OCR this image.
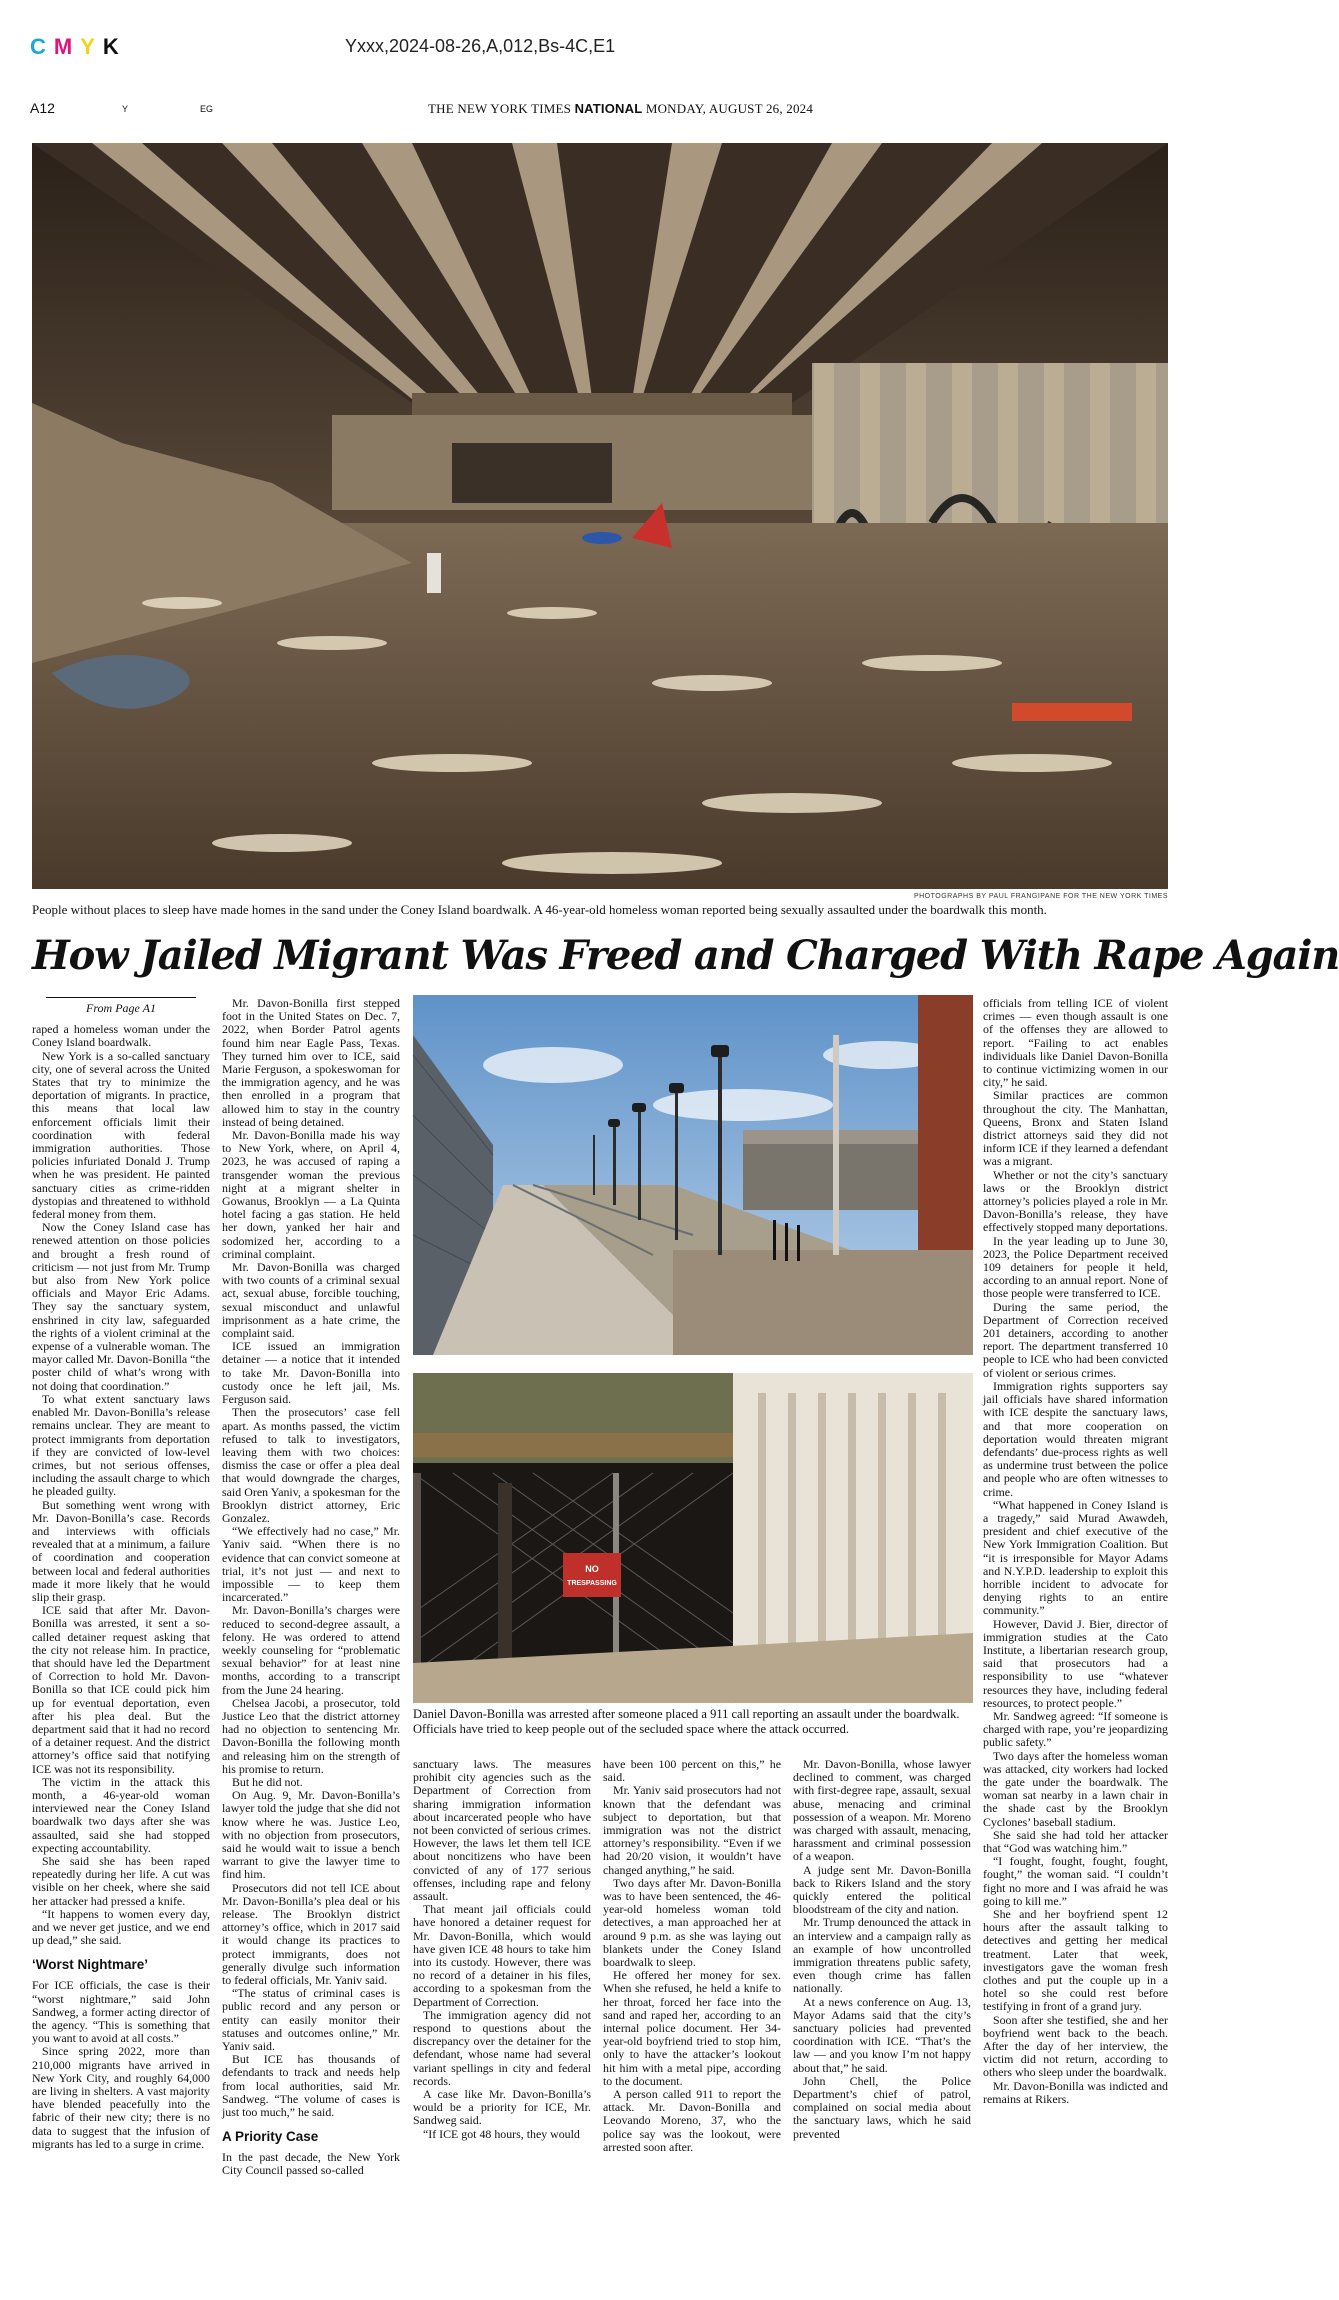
CMYK	Yxxx,2024-08-26,A,012,Bs-4C,E1
A12	Y	EG	THE NEW YORK TIMES NATIONAL MONDAY, AUGUST 26, 2024
PHOTOGRAPHS BY PAUL FRANGIPANE FOR THE NEW YORK TIMES
People without places to sleep have made homes in the sand under the Coney Island boardwalk. A 46-year-old homeless woman reported being sexually assaulted under the boardwalk this month.
How Jailed Migrant Was Freed and Charged With Rape Again
From Page A1

raped a homeless woman under the Coney Island boardwalk.

New York is a so-called sanctuary city, one of several across the United States that try to minimize the deportation of migrants. In practice, this means that local law enforcement officials limit their coordination with federal immigration authorities. Those policies infuriated Donald J. Trump when he was president. He painted sanctuary cities as crime-ridden dystopias and threatened to withhold federal money from them.

Now the Coney Island case has renewed attention on those policies and brought a fresh round of criticism — not just from Mr. Trump but also from New York police officials and Mayor Eric Adams. They say the sanctuary system, enshrined in city law, safeguarded the rights of a violent criminal at the expense of a vulnerable woman. The mayor called Mr. Davon-Bonilla “the poster child of what’s wrong with not doing that coordination.”

To what extent sanctuary laws enabled Mr. Davon-Bonilla’s release remains unclear. They are meant to protect immigrants from deportation if they are convicted of low-level crimes, but not serious offenses, including the assault charge to which he pleaded guilty.

But something went wrong with Mr. Davon-Bonilla’s case. Records and interviews with officials revealed that at a minimum, a failure of coordination and cooperation between local and federal authorities made it more likely that he would slip their grasp.

ICE said that after Mr. Davon-Bonilla was arrested, it sent a so-called detainer request asking that the city not release him. In practice, that should have led the Department of Correction to hold Mr. Davon-Bonilla so that ICE could pick him up for eventual deportation, even after his plea deal. But the department said that it had no record of a detainer request. And the district attorney’s office said that notifying ICE was not its responsibility.

The victim in the attack this month, a 46-year-old woman interviewed near the Coney Island boardwalk two days after she was assaulted, said she had stopped expecting accountability.

She said she has been raped repeatedly during her life. A cut was visible on her cheek, where she said her attacker had pressed a knife.

“It happens to women every day, and we never get justice, and we end up dead,” she said.

‘Worst Nightmare’

For ICE officials, the case is their “worst nightmare,” said John Sandweg, a former acting director of the agency. “This is something that you want to avoid at all costs.”

Since spring 2022, more than 210,000 migrants have arrived in New York City, and roughly 64,000 are living in shelters. A vast majority have blended peacefully into the fabric of their new city; there is no data to suggest that the infusion of migrants has led to a surge in crime.

Mr. Davon-Bonilla first stepped foot in the United States on Dec. 7, 2022, when Border Patrol agents found him near Eagle Pass, Texas. They turned him over to ICE, said Marie Ferguson, a spokeswoman for the immigration agency, and he was then enrolled in a program that allowed him to stay in the country instead of being detained.

Mr. Davon-Bonilla made his way to New York, where, on April 4, 2023, he was accused of raping a transgender woman the previous night at a migrant shelter in Gowanus, Brooklyn — a La Quinta hotel facing a gas station. He held her down, yanked her hair and sodomized her, according to a criminal complaint.

Mr. Davon-Bonilla was charged with two counts of a criminal sexual act, sexual abuse, forcible touching, sexual misconduct and unlawful imprisonment as a hate crime, the complaint said.

ICE issued an immigration detainer — a notice that it intended to take Mr. Davon-Bonilla into custody once he left jail, Ms. Ferguson said.

Then the prosecutors’ case fell apart. As months passed, the victim refused to talk to investigators, leaving them with two choices: dismiss the case or offer a plea deal that would downgrade the charges, said Oren Yaniv, a spokesman for the Brooklyn district attorney, Eric Gonzalez.

“We effectively had no case,” Mr. Yaniv said. “When there is no evidence that can convict someone at trial, it’s not just — and next to impossible — to keep them incarcerated.”

Mr. Davon-Bonilla’s charges were reduced to second-degree assault, a felony. He was ordered to attend weekly counseling for “problematic sexual behavior” for at least nine months, according to a transcript from the June 24 hearing.

Chelsea Jacobi, a prosecutor, told Justice Leo that the district attorney had no objection to sentencing Mr. Davon-Bonilla the following month and releasing him on the strength of his promise to return.

But he did not.

On Aug. 9, Mr. Davon-Bonilla’s lawyer told the judge that she did not know where he was. Justice Leo, with no objection from prosecutors, said he would wait to issue a bench warrant to give the lawyer time to find him.

Prosecutors did not tell ICE about Mr. Davon-Bonilla’s plea deal or his release. The Brooklyn district attorney’s office, which in 2017 said it would change its practices to protect immigrants, does not generally divulge such information to federal officials, Mr. Yaniv said.

“The status of criminal cases is public record and any person or entity can easily monitor their statuses and outcomes online,” Mr. Yaniv said.

But ICE has thousands of defendants to track and needs help from local authorities, said Mr. Sandweg. “The volume of cases is just too much,” he said.

A Priority Case

In the past decade, the New York City Council passed so-called

NO
TRESPASSING
Daniel Davon-Bonilla was arrested after someone placed a 911 call reporting an assault under the boardwalk. Officials have tried to keep people out of the secluded space where the attack occurred.

sanctuary laws. The measures prohibit city agencies such as the Department of Correction from sharing immigration information about incarcerated people who have not been convicted of serious crimes. However, the laws let them tell ICE about noncitizens who have been convicted of any of 177 serious offenses, including rape and felony assault.

That meant jail officials could have honored a detainer request for Mr. Davon-Bonilla, which would have given ICE 48 hours to take him into its custody. However, there was no record of a detainer in his files, according to a spokesman from the Department of Correction.

The immigration agency did not respond to questions about the discrepancy over the detainer for the defendant, whose name had several variant spellings in city and federal records.

A case like Mr. Davon-Bonilla’s would be a priority for ICE, Mr. Sandweg said.

“If ICE got 48 hours, they would

have been 100 percent on this,” he said.

Mr. Yaniv said prosecutors had not known that the defendant was subject to deportation, but that immigration was not the district attorney’s responsibility. “Even if we had 20/20 vision, it wouldn’t have changed anything,” he said.

Two days after Mr. Davon-Bonilla was to have been sentenced, the 46-year-old homeless woman told detectives, a man approached her at around 9 p.m. as she was laying out blankets under the Coney Island boardwalk to sleep.

He offered her money for sex. When she refused, he held a knife to her throat, forced her face into the sand and raped her, according to an internal police document. Her 34-year-old boyfriend tried to stop him, only to have the attacker’s lookout hit him with a metal pipe, according to the document.

A person called 911 to report the attack. Mr. Davon-Bonilla and Leovando Moreno, 37, who the police say was the lookout, were arrested soon after.

Mr. Davon-Bonilla, whose lawyer declined to comment, was charged with first-degree rape, assault, sexual abuse, menacing and criminal possession of a weapon. Mr. Moreno was charged with assault, menacing, harassment and criminal possession of a weapon.

A judge sent Mr. Davon-Bonilla back to Rikers Island and the story quickly entered the political bloodstream of the city and nation.

Mr. Trump denounced the attack in an interview and a campaign rally as an example of how uncontrolled immigration threatens public safety, even though crime has fallen nationally.

At a news conference on Aug. 13, Mayor Adams said that the city’s sanctuary policies had prevented coordination with ICE. “That’s the law — and you know I’m not happy about that,” he said.

John Chell, the Police Department’s chief of patrol, complained on social media about the sanctuary laws, which he said prevented

officials from telling ICE of violent crimes — even though assault is one of the offenses they are allowed to report. “Failing to act enables individuals like Daniel Davon-Bonilla to continue victimizing women in our city,” he said.

Similar practices are common throughout the city. The Manhattan, Queens, Bronx and Staten Island district attorneys said they did not inform ICE if they learned a defendant was a migrant.

Whether or not the city’s sanctuary laws or the Brooklyn district attorney’s policies played a role in Mr. Davon-Bonilla’s release, they have effectively stopped many deportations.

In the year leading up to June 30, 2023, the Police Department received 109 detainers for people it held, according to an annual report. None of those people were transferred to ICE.

During the same period, the Department of Correction received 201 detainers, according to another report. The department transferred 10 people to ICE who had been convicted of violent or serious crimes.

Immigration rights supporters say jail officials have shared information with ICE despite the sanctuary laws, and that more cooperation on deportation would threaten migrant defendants’ due-process rights as well as undermine trust between the police and people who are often witnesses to crime.

“What happened in Coney Island is a tragedy,” said Murad Awawdeh, president and chief executive of the New York Immigration Coalition. But “it is irresponsible for Mayor Adams and N.Y.P.D. leadership to exploit this horrible incident to advocate for denying rights to an entire community.”

However, David J. Bier, director of immigration studies at the Cato Institute, a libertarian research group, said that prosecutors had a responsibility to use “whatever resources they have, including federal resources, to protect people.”

Mr. Sandweg agreed: “If someone is charged with rape, you’re jeopardizing public safety.”

Two days after the homeless woman was attacked, city workers had locked the gate under the boardwalk. The woman sat nearby in a lawn chair in the shade cast by the Brooklyn Cyclones’ baseball stadium.

She said she had told her attacker that “God was watching him.”

“I fought, fought, fought, fought, fought,” the woman said. “I couldn’t fight no more and I was afraid he was going to kill me.”

She and her boyfriend spent 12 hours after the assault talking to detectives and getting her medical treatment. Later that week, investigators gave the woman fresh clothes and put the couple up in a hotel so she could rest before testifying in front of a grand jury.

Soon after she testified, she and her boyfriend went back to the beach. After the day of her interview, the victim did not return, according to others who sleep under the boardwalk.

Mr. Davon-Bonilla was indicted and remains at Rikers.
